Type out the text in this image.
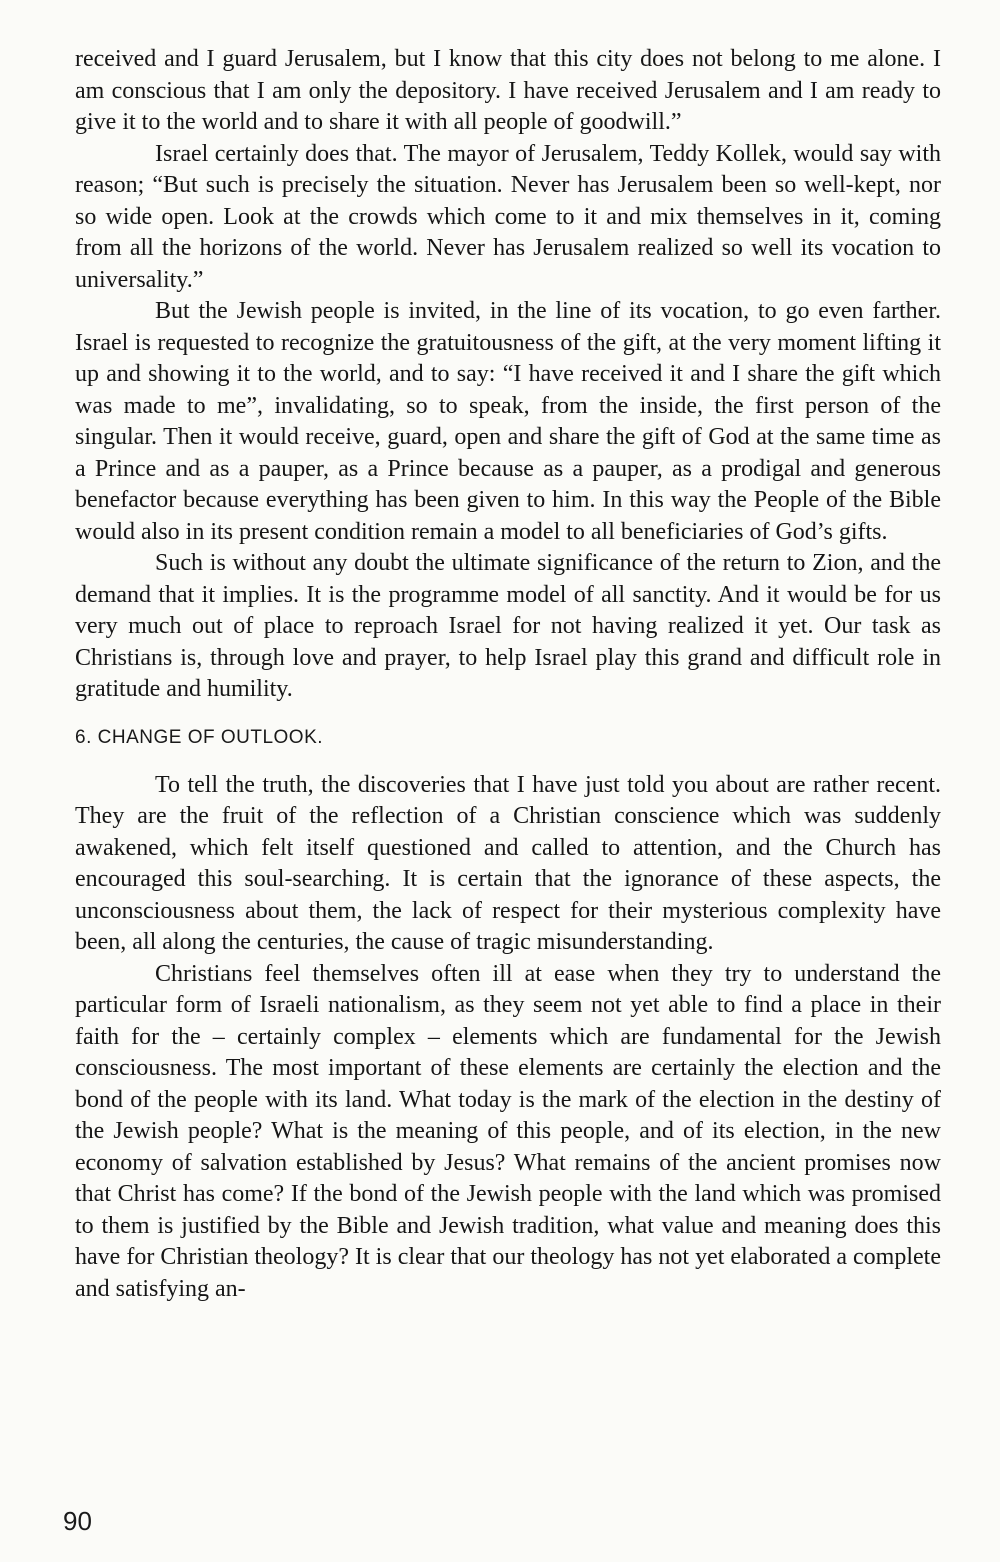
received and I guard Jerusalem, but I know that this city does not belong to me alone. I am conscious that I am only the depository. I have received Jerusalem and I am ready to give it to the world and to share it with all people of goodwill.”

Israel certainly does that. The mayor of Jerusalem, Teddy Kollek, would say with reason; “But such is precisely the situation. Never has Jerusalem been so well-kept, nor so wide open. Look at the crowds which come to it and mix themselves in it, coming from all the horizons of the world. Never has Jerusalem realized so well its vocation to universality.”

But the Jewish people is invited, in the line of its vocation, to go even farther. Israel is requested to recognize the gratuitousness of the gift, at the very moment lifting it up and showing it to the world, and to say: “I have received it and I share the gift which was made to me”, invalidating, so to speak, from the inside, the first person of the singular. Then it would receive, guard, open and share the gift of God at the same time as a Prince and as a pauper, as a Prince because as a pauper, as a prodigal and generous benefactor because everything has been given to him. In this way the People of the Bible would also in its present condition remain a model to all beneficiaries of God’s gifts.

Such is without any doubt the ultimate significance of the return to Zion, and the demand that it implies. It is the programme model of all sanctity. And it would be for us very much out of place to reproach Israel for not having realized it yet. Our task as Christians is, through love and prayer, to help Israel play this grand and difficult role in gratitude and humility.

6. CHANGE OF OUTLOOK.

To tell the truth, the discoveries that I have just told you about are rather recent. They are the fruit of the reflection of a Christian conscience which was suddenly awakened, which felt itself questioned and called to attention, and the Church has encouraged this soul-searching. It is certain that the ignorance of these aspects, the unconsciousness about them, the lack of respect for their mysterious complexity have been, all along the centuries, the cause of tragic misunderstanding.

Christians feel themselves often ill at ease when they try to understand the particular form of Israeli nationalism, as they seem not yet able to find a place in their faith for the – certainly complex – elements which are fundamental for the Jewish consciousness. The most important of these elements are certainly the election and the bond of the people with its land. What today is the mark of the election in the destiny of the Jewish people? What is the meaning of this people, and of its election, in the new economy of salvation established by Jesus? What remains of the ancient promises now that Christ has come? If the bond of the Jewish people with the land which was promised to them is justified by the Bible and Jewish tradition, what value and meaning does this have for Christian theology? It is clear that our theology has not yet elaborated a complete and satisfying an-

90
